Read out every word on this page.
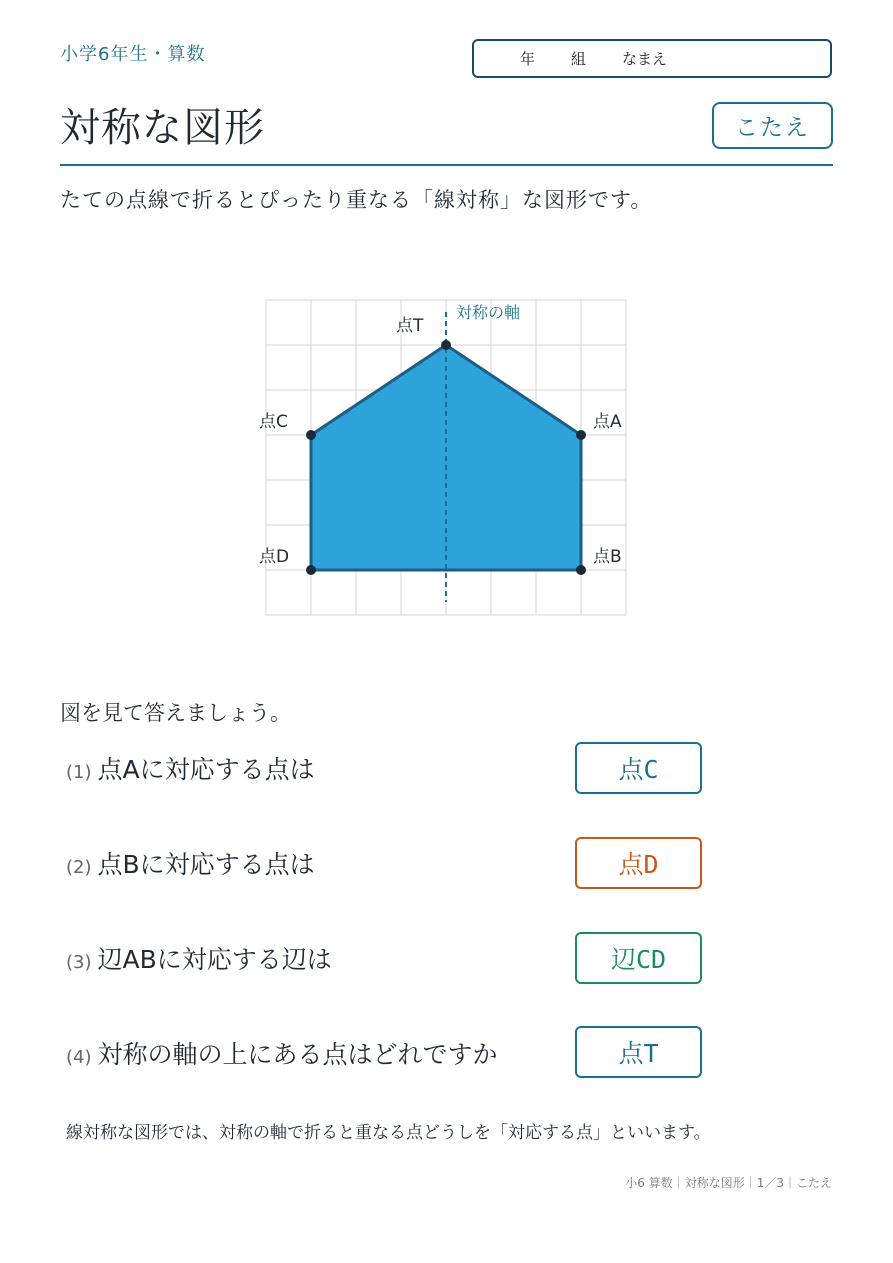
小学6年生・算数	年 組 なまえ
対称な図形	こたえ
たての点線で折るとぴったり重なる「線対称」な図形です。
対称の軸
点T
点A
点B
点C
点D
図を見て答えましょう。
(1) 点Aに対応する点は	点C
(2) 点Bに対応する点は	点D
(3) 辺ABに対応する辺は	辺CD
(4) 対称の軸の上にある点はどれですか	点T
線対称な図形では、対称の軸で折ると重なる点どうしを「対応する点」といいます。
小6 算数｜対称な図形｜1／3｜こたえ
